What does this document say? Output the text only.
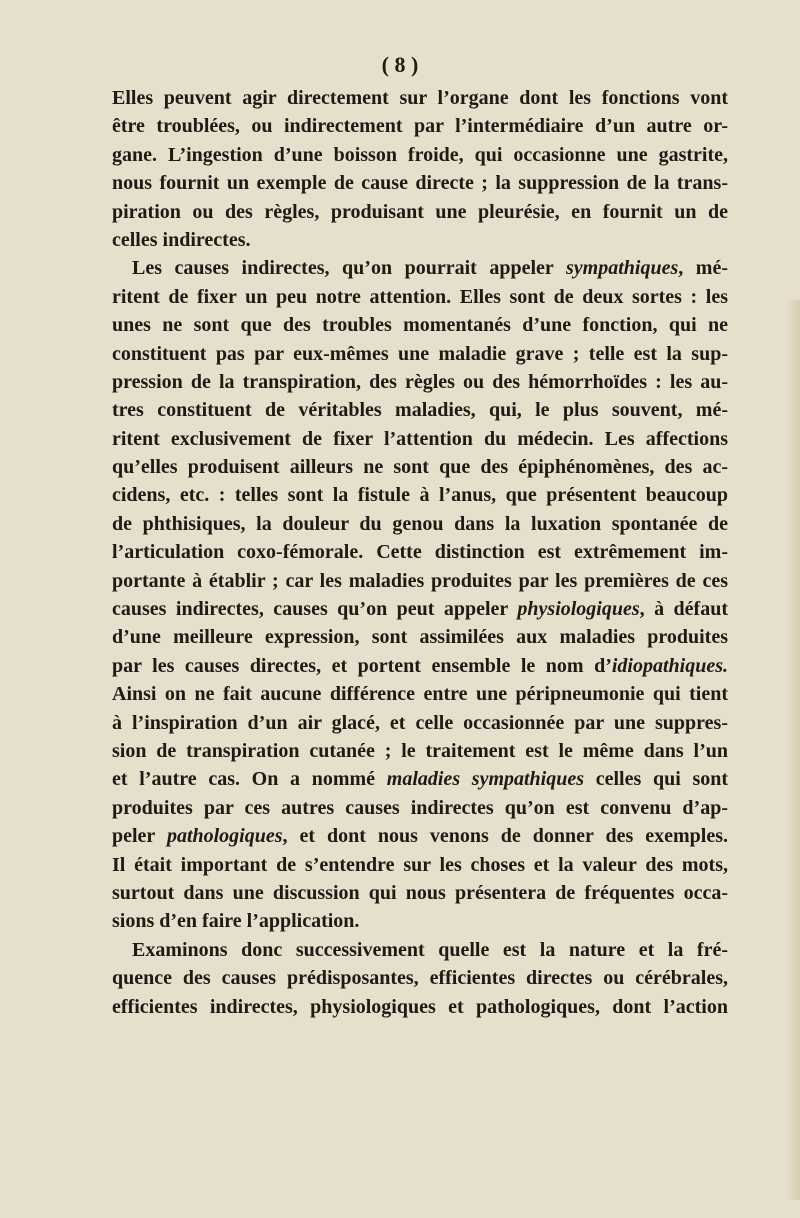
( 8 )
Elles peuvent agir directement sur l’organe dont les fonctions vont
être troublées, ou indirectement par l’intermédiaire d’un autre or-
gane. L’ingestion d’une boisson froide, qui occasionne une gastrite,
nous fournit un exemple de cause directe ; la suppression de la trans-
piration ou des règles, produisant une pleurésie, en fournit un de
celles indirectes.
Les causes indirectes, qu’on pourrait appeler sympathiques, mé-
ritent de fixer un peu notre attention. Elles sont de deux sortes : les
unes ne sont que des troubles momentanés d’une fonction, qui ne
constituent pas par eux-mêmes une maladie grave ; telle est la sup-
pression de la transpiration, des règles ou des hémorrhoïdes : les au-
tres constituent de véritables maladies, qui, le plus souvent, mé-
ritent exclusivement de fixer l’attention du médecin. Les affections
qu’elles produisent ailleurs ne sont que des épiphénomènes, des ac-
cidens, etc. : telles sont la fistule à l’anus, que présentent beaucoup
de phthisiques, la douleur du genou dans la luxation spontanée de
l’articulation coxo-fémorale. Cette distinction est extrêmement im-
portante à établir ; car les maladies produites par les premières de ces
causes indirectes, causes qu’on peut appeler physiologiques, à défaut
d’une meilleure expression, sont assimilées aux maladies produites
par les causes directes, et portent ensemble le nom d’idiopathiques.
Ainsi on ne fait aucune différence entre une péripneumonie qui tient
à l’inspiration d’un air glacé, et celle occasionnée par une suppres-
sion de transpiration cutanée ; le traitement est le même dans l’un
et l’autre cas. On a nommé maladies sympathiques celles qui sont
produites par ces autres causes indirectes qu’on est convenu d’ap-
peler pathologiques, et dont nous venons de donner des exemples.
Il était important de s’entendre sur les choses et la valeur des mots,
surtout dans une discussion qui nous présentera de fréquentes occa-
sions d’en faire l’application.
Examinons donc successivement quelle est la nature et la fré-
quence des causes prédisposantes, efficientes directes ou cérébrales,
efficientes indirectes, physiologiques et pathologiques, dont l’action
